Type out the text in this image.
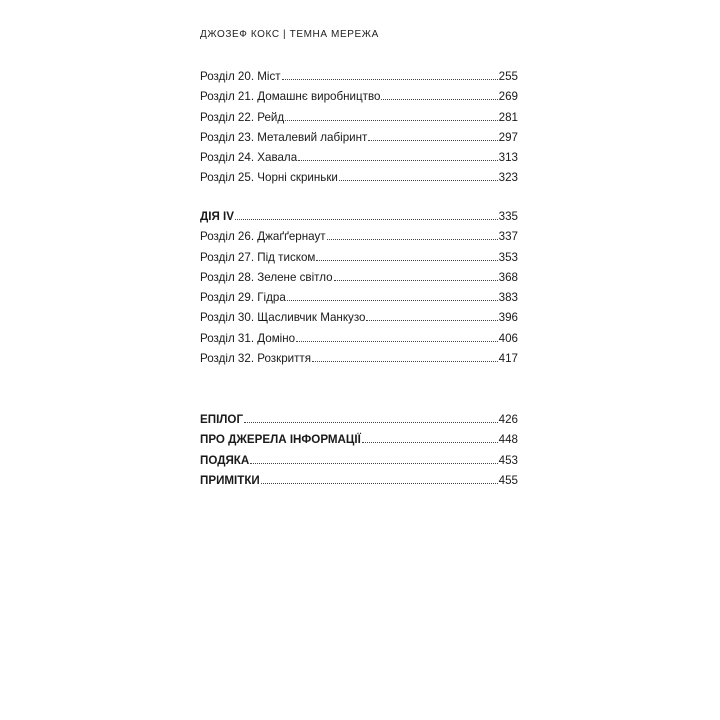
ДЖОЗЕФ КОКС | ТЕМНА МЕРЕЖА
Розділ 20. Міст	255
Розділ 21. Домашнє виробництво	269
Розділ 22. Рейд	281
Розділ 23. Металевий лабіринт	297
Розділ 24. Хавала	313
Розділ 25. Чорні скриньки	323
ДІЯ IV	335
Розділ 26. Джаґґернаут	337
Розділ 27. Під тиском	353
Розділ 28. Зелене світло	368
Розділ 29. Гідра	383
Розділ 30. Щасливчик Манкузо	396
Розділ 31. Доміно	406
Розділ 32. Розкриття	417
ЕПІЛОГ	426
ПРО ДЖЕРЕЛА ІНФОРМАЦІЇ	448
ПОДЯКА	453
ПРИМІТКИ	455
